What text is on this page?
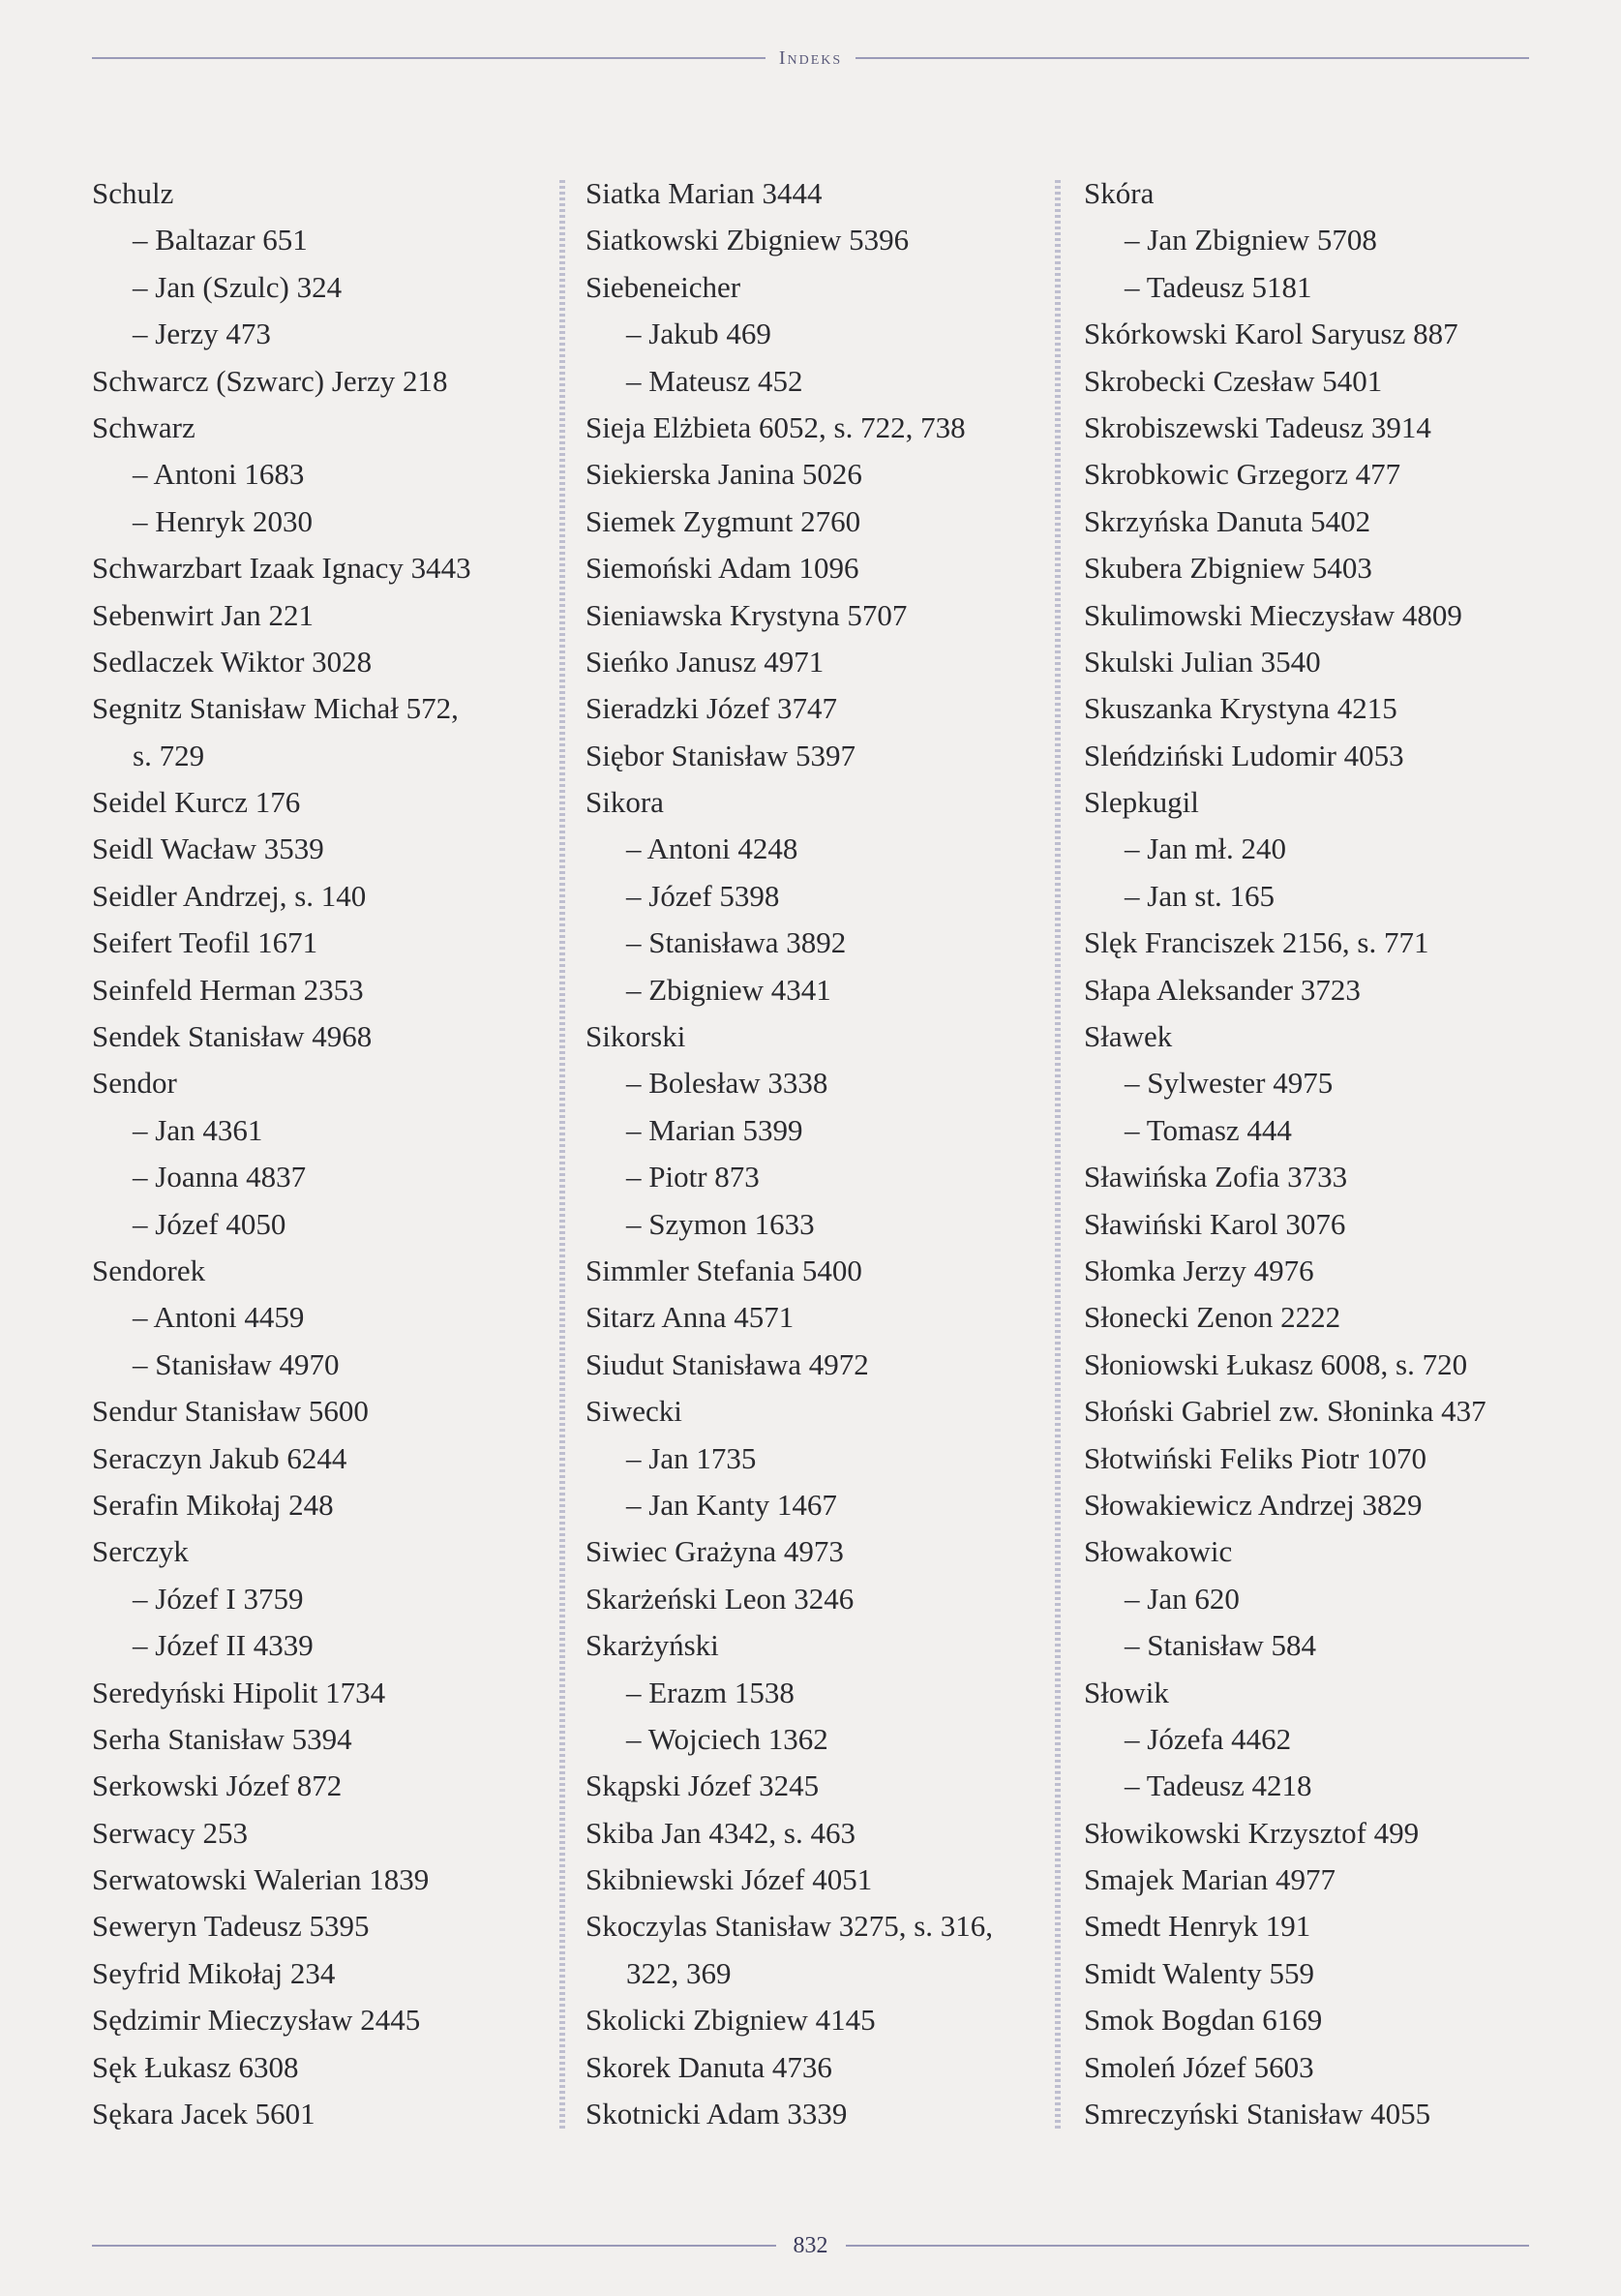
Indeks
Schulz
– Baltazar 651
– Jan (Szulc) 324
– Jerzy 473
Schwarcz (Szwarc) Jerzy 218
Schwarz
– Antoni 1683
– Henryk 2030
Schwarzbart Izaak Ignacy 3443
Sebenwirt Jan 221
Sedlaczek Wiktor 3028
Segnitz Stanisław Michał 572,
s. 729
Seidel Kurcz 176
Seidl Wacław 3539
Seidler Andrzej, s. 140
Seifert Teofil 1671
Seinfeld Herman 2353
Sendek Stanisław 4968
Sendor
– Jan 4361
– Joanna 4837
– Józef 4050
Sendorek
– Antoni 4459
– Stanisław 4970
Sendur Stanisław 5600
Seraczyn Jakub 6244
Serafin Mikołaj 248
Serczyk
– Józef I 3759
– Józef II 4339
Seredyński Hipolit 1734
Serha Stanisław 5394
Serkowski Józef 872
Serwacy 253
Serwatowski Walerian 1839
Seweryn Tadeusz 5395
Seyfrid Mikołaj 234
Sędzimir Mieczysław 2445
Sęk Łukasz 6308
Sękara Jacek 5601
Siatka Marian 3444
Siatkowski Zbigniew 5396
Siebeneicher
– Jakub 469
– Mateusz 452
Sieja Elżbieta 6052, s. 722, 738
Siekierska Janina 5026
Siemek Zygmunt 2760
Siemoński Adam 1096
Sieniawska Krystyna 5707
Sieńko Janusz 4971
Sieradzki Józef 3747
Siębor Stanisław 5397
Sikora
– Antoni 4248
– Józef 5398
– Stanisława 3892
– Zbigniew 4341
Sikorski
– Bolesław 3338
– Marian 5399
– Piotr 873
– Szymon 1633
Simmler Stefania 5400
Sitarz Anna 4571
Siudut Stanisława 4972
Siwecki
– Jan 1735
– Jan Kanty 1467
Siwiec Grażyna 4973
Skarżeński Leon 3246
Skarżyński
– Erazm 1538
– Wojciech 1362
Skąpski Józef 3245
Skiba Jan 4342, s. 463
Skibniewski Józef 4051
Skoczylas Stanisław 3275, s. 316,
322, 369
Skolicki Zbigniew 4145
Skorek Danuta 4736
Skotnicki Adam 3339
Skóra
– Jan Zbigniew 5708
– Tadeusz 5181
Skórkowski Karol Saryusz 887
Skrobecki Czesław 5401
Skrobiszewski Tadeusz 3914
Skrobkowic Grzegorz 477
Skrzyńska Danuta 5402
Skubera Zbigniew 5403
Skulimowski Mieczysław 4809
Skulski Julian 3540
Skuszanka Krystyna 4215
Sleńdziński Ludomir 4053
Slepkugil
– Jan mł. 240
– Jan st. 165
Slęk Franciszek 2156, s. 771
Słapa Aleksander 3723
Sławek
– Sylwester 4975
– Tomasz 444
Sławińska Zofia 3733
Sławiński Karol 3076
Słomka Jerzy 4976
Słonecki Zenon 2222
Słoniowski Łukasz 6008, s. 720
Słoński Gabriel zw. Słoninka 437
Słotwiński Feliks Piotr 1070
Słowakiewicz Andrzej 3829
Słowakowic
– Jan 620
– Stanisław 584
Słowik
– Józefa 4462
– Tadeusz 4218
Słowikowski Krzysztof 499
Smajek Marian 4977
Smedt Henryk 191
Smidt Walenty 559
Smok Bogdan 6169
Smoleń Józef 5603
Smreczyński Stanisław 4055
832
